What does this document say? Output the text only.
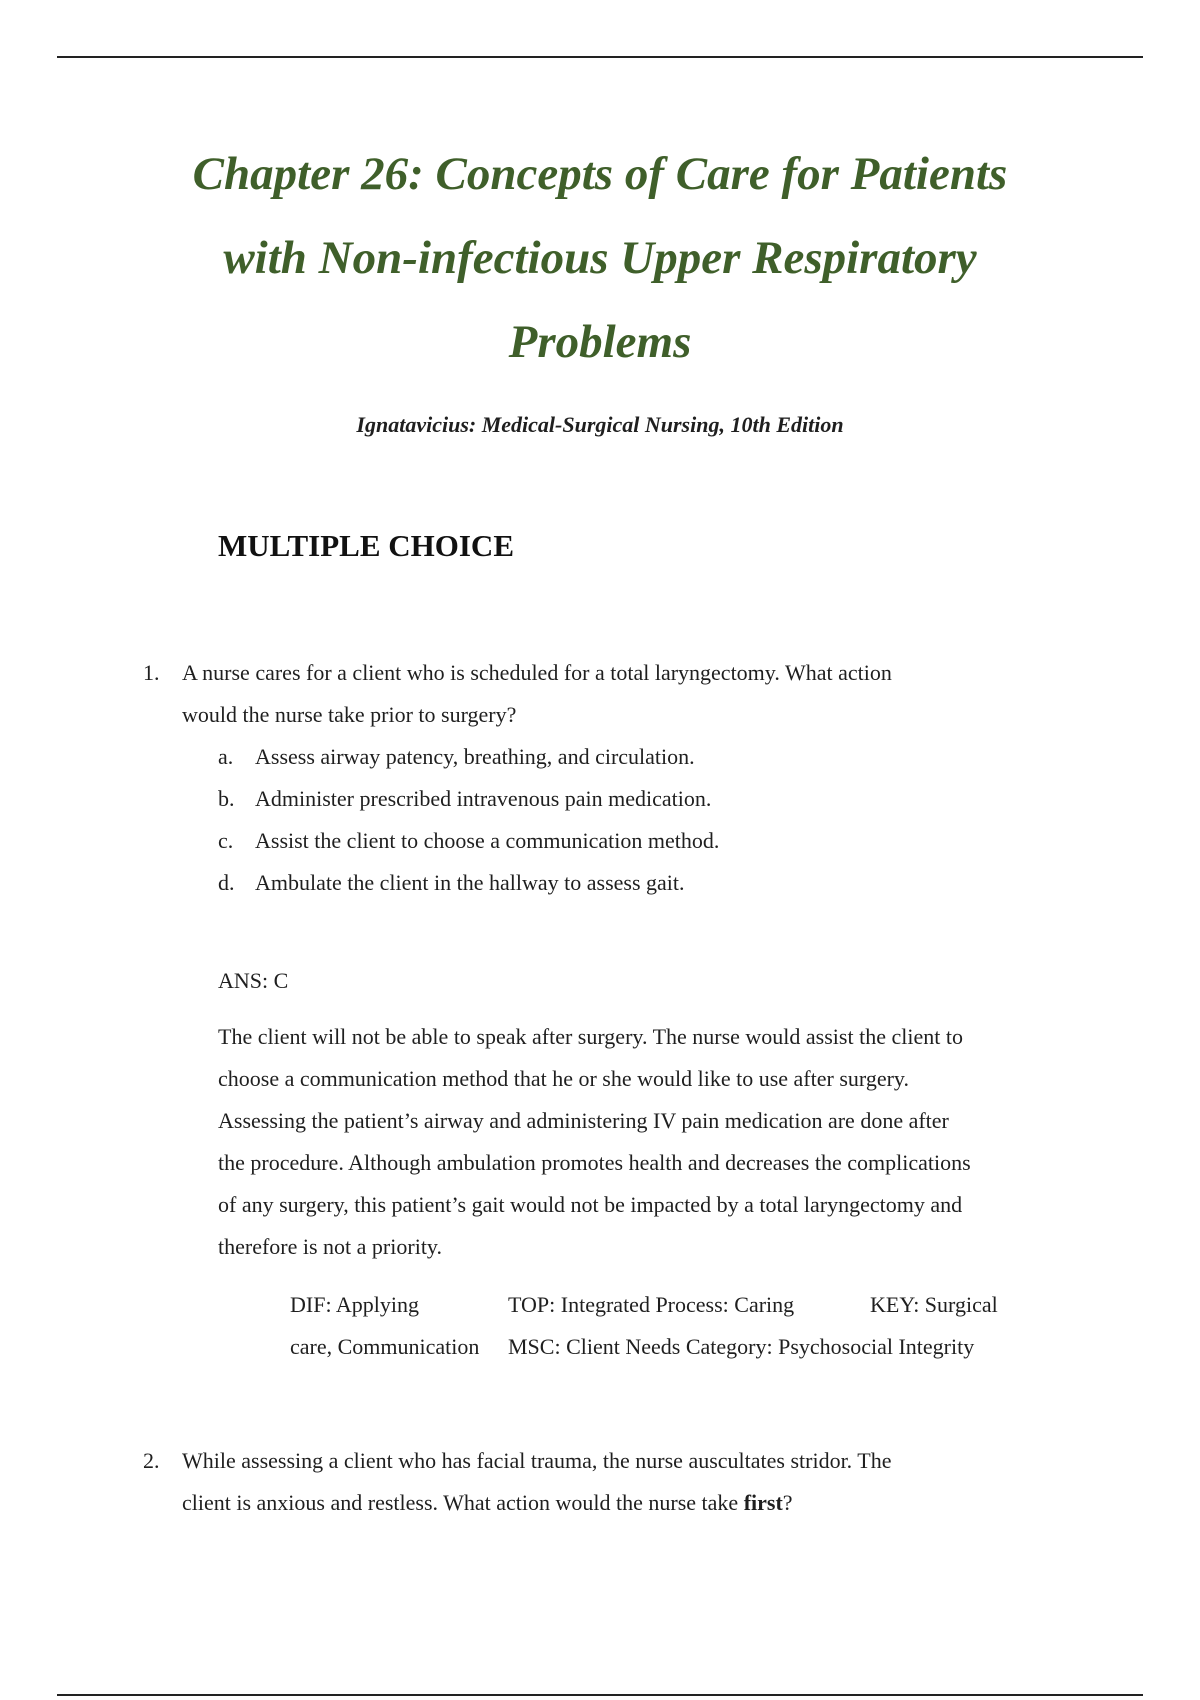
Chapter 26: Concepts of Care for Patients
with Non-infectious Upper Respiratory
Problems

Ignatavicius: Medical-Surgical Nursing, 10th Edition

MULTIPLE CHOICE
1. A nurse cares for a client who is scheduled for a total laryngectomy. What action
would the nurse take prior to surgery?
a. Assess airway patency, breathing, and circulation.
b. Administer prescribed intravenous pain medication.
c. Assist the client to choose a communication method.
d. Ambulate the client in the hallway to assess gait.
ANS: C
The client will not be able to speak after surgery. The nurse would assist the client to
choose a communication method that he or she would like to use after surgery.
Assessing the patient’s airway and administering IV pain medication are done after
the procedure. Although ambulation promotes health and decreases the complications
of any surgery, this patient’s gait would not be impacted by a total laryngectomy and
therefore is not a priority.
DIF: Applying	TOP: Integrated Process: Caring	KEY: Surgical
care, Communication	MSC: Client Needs Category: Psychosocial Integrity
2. While assessing a client who has facial trauma, the nurse auscultates stridor. The
client is anxious and restless. What action would the nurse take first?
